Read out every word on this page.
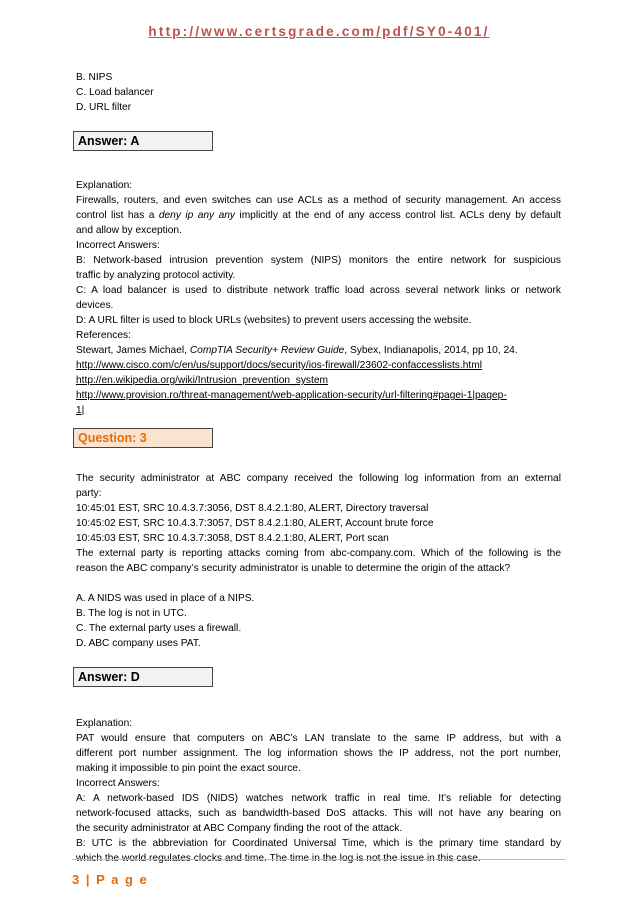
http://www.certsgrade.com/pdf/SY0-401/
B. NIPS
C. Load balancer
D. URL filter
Answer: A
Explanation:
Firewalls, routers, and even switches can use ACLs as a method of security management. An access
control list has a deny ip any any implicitly at the end of any access control list. ACLs deny by default
and allow by exception.
Incorrect Answers:
B: Network-based intrusion prevention system (NIPS) monitors the entire network for suspicious
traffic by analyzing protocol activity.
C: A load balancer is used to distribute network traffic load across several network links or network
devices.
D: A URL filter is used to block URLs (websites) to prevent users accessing the website.
References:
Stewart, James Michael, CompTIA Security+ Review Guide, Sybex, Indianapolis, 2014, pp 10, 24.
http://www.cisco.com/c/en/us/support/docs/security/ios-firewall/23602-confaccesslists.html
http://en.wikipedia.org/wiki/Intrusion_prevention_system
http://www.provision.ro/threat-management/web-application-security/url-filtering#pagei-1|pagep-
1|
Question: 3
The security administrator at ABC company received the following log information from an external
party:
10:45:01 EST, SRC 10.4.3.7:3056, DST 8.4.2.1:80, ALERT, Directory traversal
10:45:02 EST, SRC 10.4.3.7:3057, DST 8.4.2.1:80, ALERT, Account brute force
10:45:03 EST, SRC 10.4.3.7:3058, DST 8.4.2.1:80, ALERT, Port scan
The external party is reporting attacks coming from abc-company.com. Which of the following is the
reason the ABC company’s security administrator is unable to determine the origin of the attack?
A. A NIDS was used in place of a NIPS.
B. The log is not in UTC.
C. The external party uses a firewall.
D. ABC company uses PAT.
Answer: D
Explanation:
PAT would ensure that computers on ABC’s LAN translate to the same IP address, but with a
different port number assignment. The log information shows the IP address, not the port number,
making it impossible to pin point the exact source.
Incorrect Answers:
A: A network-based IDS (NIDS) watches network traffic in real time. It’s reliable for detecting
network-focused attacks, such as bandwidth-based DoS attacks. This will not have any bearing on
the security administrator at ABC Company finding the root of the attack.
B: UTC is the abbreviation for Coordinated Universal Time, which is the primary time standard by
3 | P a g e
